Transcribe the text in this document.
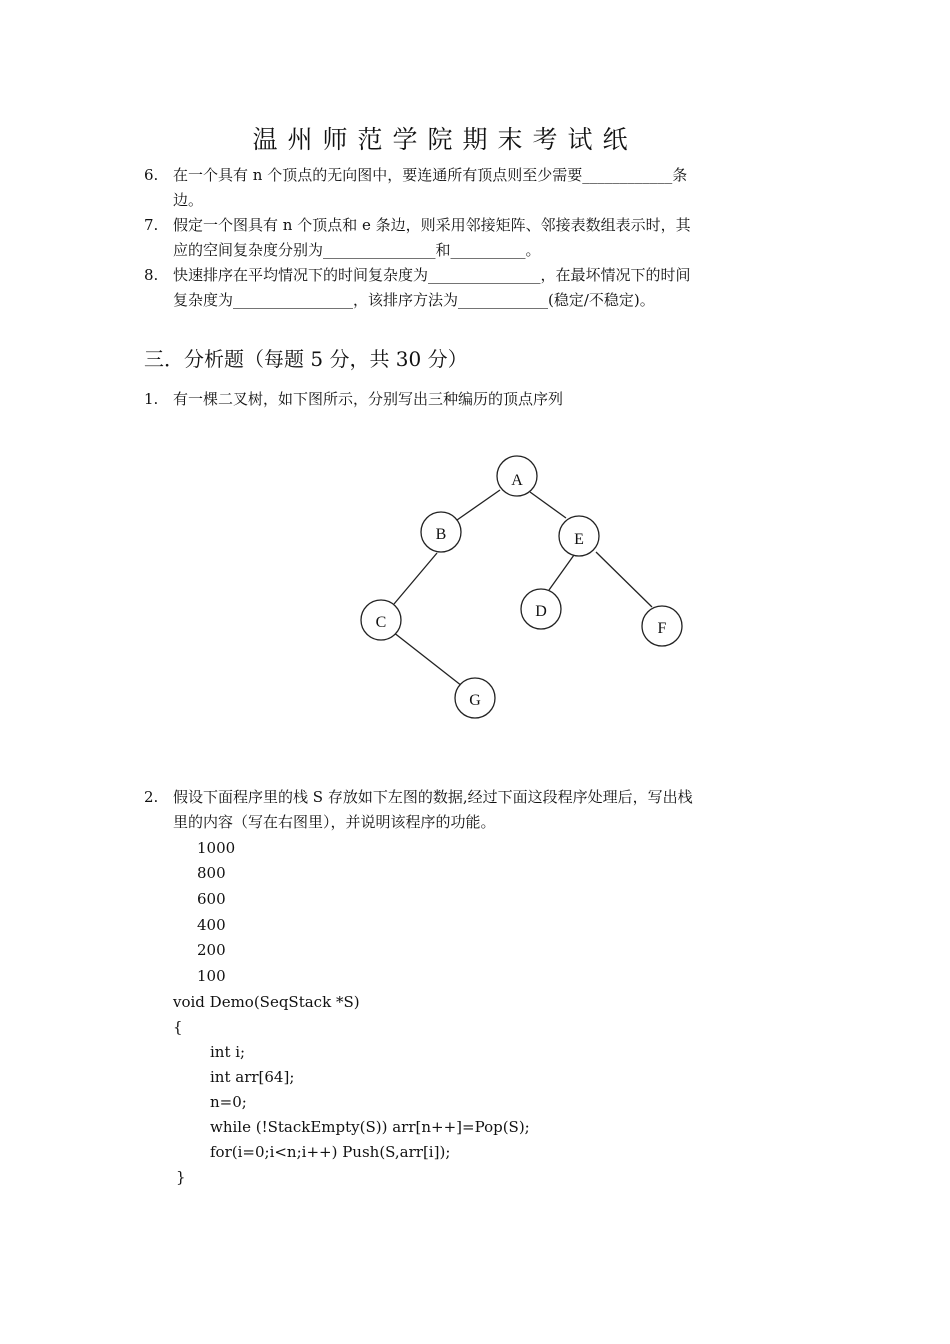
温州师范学院期末考试纸
6. 在一个具有 n 个顶点的无向图中，要连通所有顶点则至少需要____________条
边。
7. 假定一个图具有 n 个顶点和 e 条边，则采用邻接矩阵、邻接表数组表示时，其
应的空间复杂度分别为_______________和__________。
8. 快速排序在平均情况下的时间复杂度为_______________，在最坏情况下的时间
复杂度为________________，该排序方法为____________(稳定/不稳定)。
三．分析题（每题 5 分，共 30 分）
1. 有一棵二叉树，如下图所示，分别写出三种编历的顶点序列
A
B	E
C
D
F
G
2. 假设下面程序里的栈 S 存放如下左图的数据,经过下面这段程序处理后，写出栈
里的内容（写在右图里），并说明该程序的功能。
1000
800
600
400
200
100
void Demo(SeqStack *S)
{
int i;
int arr[64];
n=0;
while (!StackEmpty(S)) arr[n++]=Pop(S);
for(i=0;i<n;i++) Push(S,arr[i]);
}
